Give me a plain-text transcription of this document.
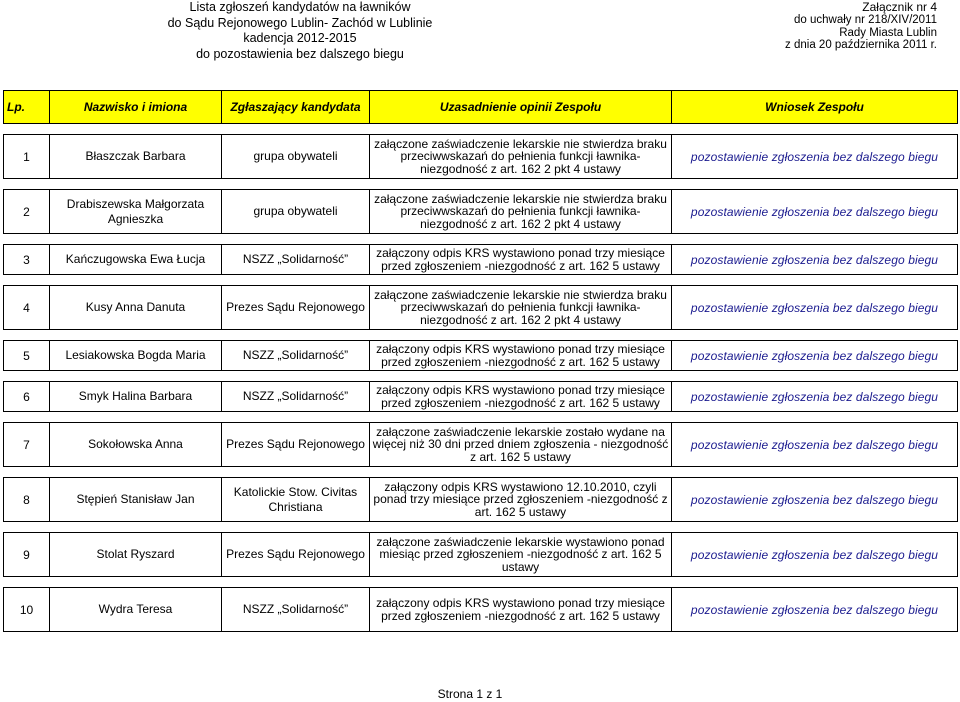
Lista zgłoszeń kandydatów na ławników
do Sądu Rejonowego Lublin- Zachód w Lublinie
kadencja 2012-2015
do pozostawienia bez dalszego biegu
Załącznik nr 4
do uchwały nr 218/XIV/2011
Rady Miasta Lublin
z dnia 20 października 2011 r.
Lp.	Nazwisko i imiona	Zgłaszający kandydata	Uzasadnienie opinii Zespołu	Wniosek Zespołu

1	Błaszczak Barbara	grupa obywateli	załączone zaświadczenie lekarskie nie stwierdza braku przeciwwskazań do pełnienia funkcji ławnika- niezgodność z art. 162 2 pkt 4 ustawy	pozostawienie zgłoszenia bez dalszego biegu

2	Drabiszewska Małgorzata Agnieszka	grupa obywateli	załączone zaświadczenie lekarskie nie stwierdza braku przeciwwskazań do pełnienia funkcji ławnika- niezgodność z art. 162 2 pkt 4 ustawy	pozostawienie zgłoszenia bez dalszego biegu

3	Kańczugowska Ewa Łucja	NSZZ „Solidarność”	załączony odpis KRS wystawiono ponad trzy miesiące przed zgłoszeniem -niezgodność z art. 162 5 ustawy	pozostawienie zgłoszenia bez dalszego biegu

4	Kusy Anna Danuta	Prezes Sądu Rejonowego	załączone zaświadczenie lekarskie nie stwierdza braku przeciwwskazań do pełnienia funkcji ławnika- niezgodność z art. 162 2 pkt 4 ustawy	pozostawienie zgłoszenia bez dalszego biegu

5	Lesiakowska Bogda Maria	NSZZ „Solidarność”	załączony odpis KRS wystawiono ponad trzy miesiące przed zgłoszeniem -niezgodność z art. 162 5 ustawy	pozostawienie zgłoszenia bez dalszego biegu

6	Smyk Halina Barbara	NSZZ „Solidarność”	załączony odpis KRS wystawiono ponad trzy miesiące przed zgłoszeniem -niezgodność z art. 162 5 ustawy	pozostawienie zgłoszenia bez dalszego biegu

7	Sokołowska Anna	Prezes Sądu Rejonowego	załączone zaświadczenie lekarskie zostało wydane na więcej niż 30 dni przed dniem zgłoszenia - niezgodność z art. 162 5 ustawy	pozostawienie zgłoszenia bez dalszego biegu

8	Stępień Stanisław Jan	Katolickie Stow. Civitas Christiana	załączony odpis KRS wystawiono 12.10.2010, czyli ponad trzy miesiące przed zgłoszeniem -niezgodność z art. 162 5 ustawy	pozostawienie zgłoszenia bez dalszego biegu

9	Stolat Ryszard	Prezes Sądu Rejonowego	załączone zaświadczenie lekarskie wystawiono ponad miesiąc przed zgłoszeniem -niezgodność z art. 162 5 ustawy	pozostawienie zgłoszenia bez dalszego biegu

10	Wydra Teresa	NSZZ „Solidarność”	załączony odpis KRS wystawiono ponad trzy miesiące przed zgłoszeniem -niezgodność z art. 162 5 ustawy	pozostawienie zgłoszenia bez dalszego biegu
Strona 1 z 1
